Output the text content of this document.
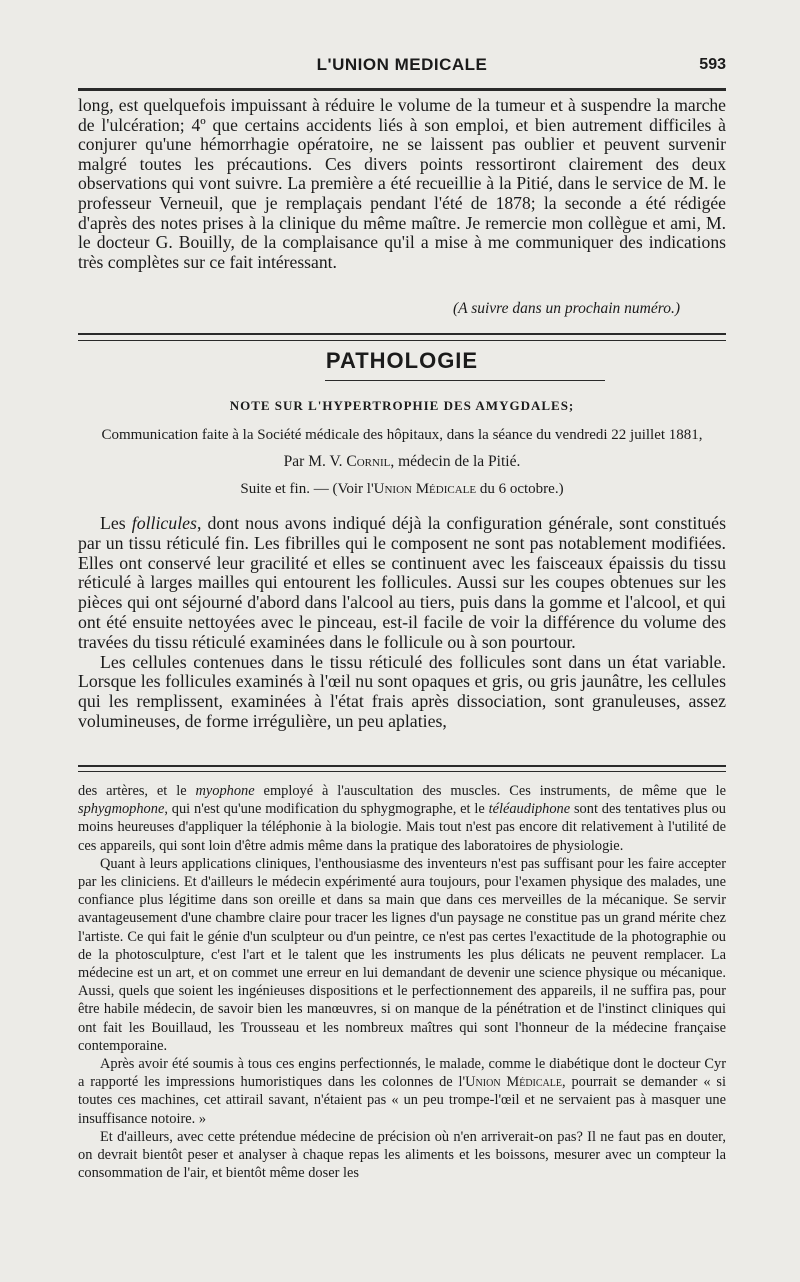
L'UNION MEDICALE	593

long, est quelquefois impuissant à réduire le volume de la tumeur et à suspendre la marche de l'ulcération; 4º que certains accidents liés à son emploi, et bien autrement difficiles à conjurer qu'une hémorrhagie opératoire, ne se laissent pas oublier et peuvent survenir malgré toutes les précautions. Ces divers points ressortiront clairement des deux observations qui vont suivre. La première a été recueillie à la Pitié, dans le service de M. le professeur Verneuil, que je remplaçais pendant l'été de 1878; la seconde a été rédigée d'après des notes prises à la clinique du même maître. Je remercie mon collègue et ami, M. le docteur G. Bouilly, de la complaisance qu'il a mise à me communiquer des indications très complètes sur ce fait intéressant.

(A suivre dans un prochain numéro.)
PATHOLOGIE
NOTE SUR L'HYPERTROPHIE DES AMYGDALES;
Communication faite à la Société médicale des hôpitaux, dans la séance du vendredi 22 juillet 1881,
Par M. V. Cornil, médecin de la Pitié.
Suite et fin. — (Voir l'Union Médicale du 6 octobre.)

Les follicules, dont nous avons indiqué déjà la configuration générale, sont constitués par un tissu réticulé fin. Les fibrilles qui le composent ne sont pas notablement modifiées. Elles ont conservé leur gracilité et elles se continuent avec les faisceaux épaissis du tissu réticulé à larges mailles qui entourent les follicules. Aussi sur les coupes obtenues sur les pièces qui ont séjourné d'abord dans l'alcool au tiers, puis dans la gomme et l'alcool, et qui ont été ensuite nettoyées avec le pinceau, est-il facile de voir la différence du volume des travées du tissu réticulé examinées dans le follicule ou à son pourtour.

Les cellules contenues dans le tissu réticulé des follicules sont dans un état variable. Lorsque les follicules examinés à l'œil nu sont opaques et gris, ou gris jaunâtre, les cellules qui les remplissent, examinées à l'état frais après dissociation, sont granuleuses, assez volumineuses, de forme irrégulière, un peu aplaties,

des artères, et le myophone employé à l'auscultation des muscles. Ces instruments, de même que le sphygmophone, qui n'est qu'une modification du sphygmographe, et le téléaudiphone sont des tentatives plus ou moins heureuses d'appliquer la téléphonie à la biologie. Mais tout n'est pas encore dit relativement à l'utilité de ces appareils, qui sont loin d'être admis même dans la pratique des laboratoires de physiologie.

Quant à leurs applications cliniques, l'enthousiasme des inventeurs n'est pas suffisant pour les faire accepter par les cliniciens. Et d'ailleurs le médecin expérimenté aura toujours, pour l'examen physique des malades, une confiance plus légitime dans son oreille et dans sa main que dans ces merveilles de la mécanique. Se servir avantageusement d'une chambre claire pour tracer les lignes d'un paysage ne constitue pas un grand mérite chez l'artiste. Ce qui fait le génie d'un sculpteur ou d'un peintre, ce n'est pas certes l'exactitude de la photographie ou de la photosculpture, c'est l'art et le talent que les instruments les plus délicats ne peuvent remplacer. La médecine est un art, et on commet une erreur en lui demandant de devenir une science physique ou mécanique. Aussi, quels que soient les ingénieuses dispositions et le perfectionnement des appareils, il ne suffira pas, pour être habile médecin, de savoir bien les manœuvres, si on manque de la pénétration et de l'instinct cliniques qui ont fait les Bouillaud, les Trousseau et les nombreux maîtres qui sont l'honneur de la médecine française contemporaine.

Après avoir été soumis à tous ces engins perfectionnés, le malade, comme le diabétique dont le docteur Cyr a rapporté les impressions humoristiques dans les colonnes de l'Union Médicale, pourrait se demander « si toutes ces machines, cet attirail savant, n'étaient pas « un peu trompe-l'œil et ne servaient pas à masquer une insuffisance notoire. »

Et d'ailleurs, avec cette prétendue médecine de précision où n'en arriverait-on pas? Il ne faut pas en douter, on devrait bientôt peser et analyser à chaque repas les aliments et les boissons, mesurer avec un compteur la consommation de l'air, et bientôt même doser les
